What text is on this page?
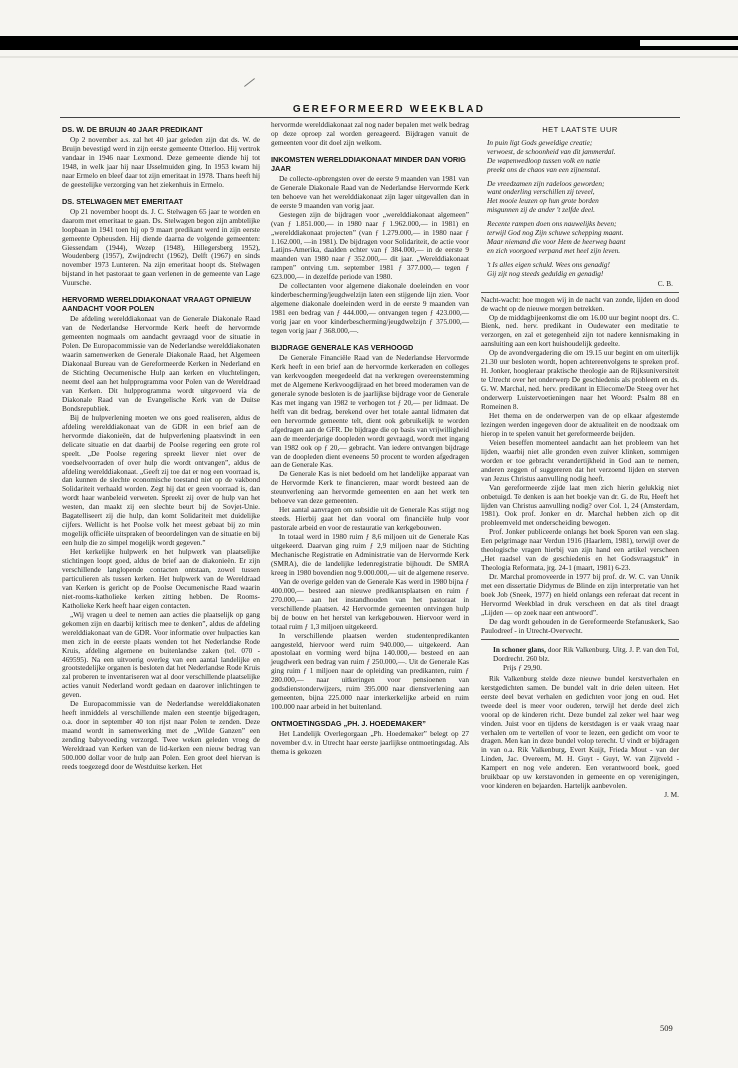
GEREFORMEERD WEEKBLAD
DS. W. DE BRUIJN 40 JAAR PREDIKANT

Op 2 november a.s. zal het 40 jaar geleden zijn dat ds. W. de Bruijn bevestigd werd in zijn eerste gemeente Otterloo. Hij vertrok vandaar in 1946 naar Lexmond. Deze gemeente diende hij tot 1948, in welk jaar hij naar IJsselmuiden ging. In 1953 kwam hij naar Ermelo en bleef daar tot zijn emeritaat in 1978. Thans heeft hij de geestelijke verzorging van het ziekenhuis in Ermelo.

DS. STELWAGEN MET EMERITAAT

Op 21 november hoopt ds. J. C. Stelwagen 65 jaar te worden en daarom met emeritaat te gaan. Ds. Stelwagen begon zijn ambtelijke loopbaan in 1941 toen hij op 9 maart predikant werd in zijn eerste gemeente Opheusden. Hij diende daarna de volgende gemeenten: Giessendam (1944), Wezep (1948), Hillegersberg 1952), Woudenberg (1957), Zwijndrecht (1962), Delft (1967) en sinds november 1973 Lunteren. Na zijn emeritaat hoopt ds. Stelwagen bijstand in het pastoraat te gaan verlenen in de gemeente van Lage Vuursche.

HERVORMD WERELDDIAKONAAT VRAAGT OPNIEUW AANDACHT VOOR POLEN

De afdeling werelddiakonaat van de Generale Diakonale Raad van de Nederlandse Hervormde Kerk heeft de hervormde gemeenten nogmaals om aandacht gevraagd voor de situatie in Polen. De Europacommissie van de Nederlandse werelddiakonaten waarin samenwerken de Generale Diakonale Raad, het Algemeen Diakonaal Bureau van de Gereformeerde Kerken in Nederland en de Stichting Oecumenische Hulp aan kerken en vluchtelingen, neemt deel aan het hulpprogramma voor Polen van de Wereldraad van Kerken. Dit hulpprogramma wordt uitgevoerd via de Diakonale Raad van de Evangelische Kerk van de Duitse Bondsrepubliek.

Bij de hulpverlening moeten we ons goed realiseren, aldus de afdeling werelddiakonaat van de GDR in een brief aan de hervormde diakonieën, dat de hulpverlening plaatsvindt in een delicate situatie en dat daarbij de Poolse regering een grote rol speelt. „De Poolse regering spreekt liever niet over de voedselvoorraden of over hulp die wordt ontvangen”, aldus de afdeling werelddiakonaat. „Geeft zij toe dat er nog een voorraad is, dan kunnen de slechte economische toestand niet op de vakbond Solidariteit verhaald worden. Zegt hij dat er geen voorraad is, dan wordt haar wanbeleid verweten. Spreekt zij over de hulp van het westen, dan maakt zij een slechte beurt bij de Sovjet-Unie. Bagatelliseert zij die hulp, dan komt Solidariteit met duidelijke cijfers. Wellicht is het Poolse volk het meest gebaat bij zo min mogelijk officiële uitspraken of beoordelingen van de situatie en bij een hulp die zo simpel mogelijk wordt gegeven.”

Het kerkelijke hulpwerk en het hulpwerk van plaatselijke stichtingen loopt goed, aldus de brief aan de diakonieën. Er zijn verschillende langlopende contacten ontstaan, zowel tussen particulieren als tussen kerken. Het hulpwerk van de Wereldraad van Kerken is gericht op de Poolse Oecumenische Raad waarin niet-rooms-katholieke kerken zitting hebben. De Rooms-Katholieke Kerk heeft haar eigen contacten.

„Wij vragen u deel te nemen aan acties die plaatselijk op gang gekomen zijn en daarbij kritisch mee te denken”, aldus de afdeling werelddiakonaat van de GDR. Voor informatie over hulpacties kan men zich in de eerste plaats wenden tot het Nederlandse Rode Kruis, afdeling algemene en buitenlandse zaken (tel. 070 - 469595). Na een uitvoerig overleg van een aantal landelijke en grootstedelijke organen is besloten dat het Nederlandse Rode Kruis zal proberen te inventariseren wat al door verschillende plaatselijke acties vanuit Nederland wordt gedaan en daarover inlichtingen te geven.

De Europacommissie van de Nederlandse werelddiakonaten heeft inmiddels al verschillende malen een steentje bijgedragen, o.a. door in september 40 ton rijst naar Polen te zenden. Deze maand wordt in samenwerking met de „Wilde Ganzen” een zending babyvoeding verzorgd. Twee weken geleden vroeg de Wereldraad van Kerken van de lid-kerken een nieuw bedrag van 500.000 dollar voor de hulp aan Polen. Een groot deel hiervan is reeds toegezegd door de Westduitse kerken. Het

hervormde werelddiakonaat zal nog nader bepalen met welk bedrag op deze oproep zal worden gereageerd. Bijdragen vanuit de gemeenten voor dit doel zijn welkom.

INKOMSTEN WERELDDIAKONAAT MINDER DAN VORIG JAAR

De collecte-opbrengsten over de eerste 9 maanden van 1981 van de Generale Diakonale Raad van de Nederlandse Hervormde Kerk ten behoeve van het werelddiakonaat zijn lager uitgevallen dan in de eerste 9 maanden van vorig jaar.

Gestegen zijn de bijdragen voor „werelddiakonaat algemeen” (van ƒ 1.851.000,— in 1980 naar ƒ 1.962.000,— in 1981) en „werelddiakonaat projecten” (van ƒ 1.279.000,— in 1980 naar ƒ 1.162.000, —in 1981). De bijdragen voor Solidariteit, de actie voor Latijns-Amerika, daalden echter van ƒ 384.000,— in de eerste 9 maanden van 1980 naar ƒ 352.000,— dit jaar. „Werelddiakonaat rampen” ontving t.m. september 1981 ƒ 377.000,— tegen ƒ 623.000,— in dezelfde periode van 1980.

De collectanten voor algemene diakonale doeleinden en voor kinderbescherming/jeugdwelzijn laten een stijgende lijn zien. Voor algemene diakonale doeleinden werd in de eerste 9 maanden van 1981 een bedrag van ƒ 444.000,— ontvangen tegen ƒ 423.000,— vorig jaar en voor kinderbescherming/jeugdwelzijn ƒ 375.000,— tegen vorig jaar ƒ 368.000,—.

BIJDRAGE GENERALE KAS VERHOOGD

De Generale Financiële Raad van de Nederlandse Hervormde Kerk heeft in een brief aan de hervormde kerkeraden en colleges van kerkvoogden meegedeeld dat na verkregen overeenstemming met de Algemene Kerkvoogdijraad en het breed moderamen van de generale synode besloten is de jaarlijkse bijdrage voor de Generale Kas met ingang van 1982 te verhogen tot ƒ 20,— per lidmaat. De helft van dit bedrag, berekend over het totale aantal lidmaten dat een hervormde gemeente telt, dient ook gebruikelijk te worden afgedragen aan de GFR. De bijdrage die op basis van vrijwilligheid aan de meerderjarige doopleden wordt gevraagd, wordt met ingang van 1982 ook op ƒ 20,— gebracht. Van iedere ontvangen bijdrage van de doopleden dient eveneens 50 procent te worden afgedragen aan de Generale Kas.

De Generale Kas is niet bedoeld om het landelijke apparaat van de Hervormde Kerk te financieren, maar wordt besteed aan de steunverlening aan hervormde gemeenten en aan het werk ten behoeve van deze gemeenten.

Het aantal aanvragen om subsidie uit de Generale Kas stijgt nog steeds. Hierbij gaat het dan vooral om financiële hulp voor pastorale arbeid en voor de restauratie van kerkgebouwen.

In totaal werd in 1980 ruim ƒ 8,6 miljoen uit de Generale Kas uitgekeerd. Daarvan ging ruim ƒ 2,9 miljoen naar de Stichting Mechanische Registratie en Administratie van de Hervormde Kerk (SMRA), die de landelijke ledenregistratie bijhoudt. De SMRA kreeg in 1980 bovendien nog 9.000.000,— uit de algemene reserve.

Van de overige gelden van de Generale Kas werd in 1980 bijna ƒ 400.000,— besteed aan nieuwe predikantsplaatsen en ruim ƒ 270.000,— aan het instandhouden van het pastoraat in verschillende plaatsen. 42 Hervormde gemeenten ontvingen hulp bij de bouw en het herstel van kerkgebouwen. Hiervoor werd in totaal ruim ƒ 1,3 miljoen uitgekeerd.

In verschillende plaatsen werden studentenpredikanten aangesteld, hiervoor werd ruim 940.000,— uitgekeerd. Aan apostolaat en vorming werd bijna 140.000,— besteed en aan jeugdwerk een bedrag van ruim ƒ 250.000,—. Uit de Generale Kas ging ruim ƒ 1 miljoen naar de opleiding van predikanten, ruim ƒ 280.000,— naar uitkeringen voor pensioenen van godsdienstonderwijzers, ruim 395.000 naar dienstverlening aan gemeenten, bijna 225.000 naar interkerkelijke arbeid en ruim 100.000 naar arbeid in het buitenland.

ONTMOETINGSDAG „PH. J. HOEDEMAKER”

Het Landelijk Overlegorgaan „Ph. Hoedemaker” belegt op 27 november d.v. in Utrecht haar eerste jaarlijkse ontmoetingsdag. Als thema is gekozen

HET LAATSTE UUR
In puin ligt Gods geweldige creatie;
verwoest, de schoonheid van dit jammerdal.
De wapenwedloop tussen volk en natie
preekt ons de chaos van een zijnenstal.
De vreedzamen zijn radeloos geworden;
want onderling verschillen zij teveel,
Het mooie leuzen op hun grote borden
misgunnen zij de ander 't zelfde deel.
Recente rampen doen ons nauwelijks beven;
terwijl God nog Zijn schuwe schepping maant.
Maar niemand die voor Hem de heerweg baant
en zich voorgoed verpand met heel zijn leven.
't Is alles eigen schuld. Wees ons genadig!
Gij zijt nog steeds geduldig en genadig!
C. B.

Nacht-wacht: hoe mogen wij in de nacht van zonde, lijden en dood de wacht op de nieuwe morgen betrekken.

Op de middagbijeenkomst die om 16.00 uur begint noopt drs. C. Bienk, ned. herv. predikant in Oudewater een meditatie te verzorgen, en zal et getegenheid zijn tot nadere kennismaking in aansluiting aan een kort huishoudelijk gedeelte.

Op de avondvergadering die om 19.15 uur begint en om uiterlijk 21.30 uur besloten wordt, hopen achtereenvolgens te spreken prof. H. Jonker, hoogleraar praktische theologie aan de Rijksuniversiteit te Utrecht over het onderwerp De geschiedenis als probleem en ds. G. W. Marchal, ned. herv. predikant in Eliecome/De Steeg over het onderwerp Luistervoetieningen naar het Woord: Psalm 88 en Romeinen 8.

Het thema en de onderwerpen van de op elkaar afgestemde lezingen werden ingegeven door de aktualiteit en de noodzaak om hierop in te spelen vanuit het gereformeerde beijden.

Veien beseffen momenteel aandacht aan het probleem van het lijden, waarbij niet alle gronden even zuiver klinken, sommigen worden er toe gebracht verandertijkheid in God aan te nemen, anderen zeggen of suggereren dat het verzoend lijden en sterven van Jezus Christus aanvulling nodig heeft.

Van gereformeerde zijde laat men zich hierin gelukkig niet onbetuigd. Te denken is aan het boekje van dr. G. de Ru, Heeft het lijden van Christus aanvulling nodig? over Col. 1, 24 (Amsterdam, 1981). Ook prof. Jonker en dr. Marchal hebben zich op dit probleemveld met onderscheiding bewogen.

Prof. Jonker publiceerde onlangs het boek Sporen van een slag. Een pelgrimage naar Verdun 1916 (Haarlem, 1981), terwijl over de theologische vragen hierbij van zijn hand een artikel verscheen „Het raadsel van de geschiedenis en het Godsvraagstuk” in Theologia Reformata, jrg. 24-1 (maart, 1981) 6-23.

Dr. Marchal promoveerde in 1977 bij prof. dr. W. C. van Unnik met een dissertatie Didymus de Blinde en zijn interpretatie van het boek Job (Sneek, 1977) en hield onlangs een referaat dat recent in Hervormd Weekblad in druk verscheen en dat als titel draagt „Lijden — op zoek naar een antwoord”.

De dag wordt gehouden in de Gereformeerde Stefanuskerk, Sao Paulodreef - in Utrecht-Overvecht.

In schoner glans, door Rik Valkenburg. Uitg. J. P. van den Tol, Dordrecht. 260 blz.
Prijs ƒ 29,90.

Rik Valkenburg stelde deze nieuwe bundel kerstverhalen en kerstgedichten samen. De bundel valt in drie delen uiteen. Het eerste deel bevat verhalen en gedichten voor jong en oud. Het tweede deel is meer voor ouderen, terwijl het derde deel zich vooral op de kinderen richt. Deze bundel zal zeker wel haar weg vinden. Juist voor en tijdens de kerstdagen is er vaak vraag naar verhalen om te vertellen of voor te lezen, een gedicht om voor te dragen. Men kan in deze bundel volop terecht. U vindt er bijdragen in van o.a. Rik Valkenburg, Evert Kuijt, Frieda Mout - van der Linden, Jac. Overeem, M. H. Guyt - Guyt, W. van Zijtveld - Kampert en nog vele anderen. Een verantwoord boek, goed bruikbaar op uw kerstavonden in gemeente en op verenigingen, voor kinderen en bejaarden. Hartelijk aanbevolen.

J. M.
509
